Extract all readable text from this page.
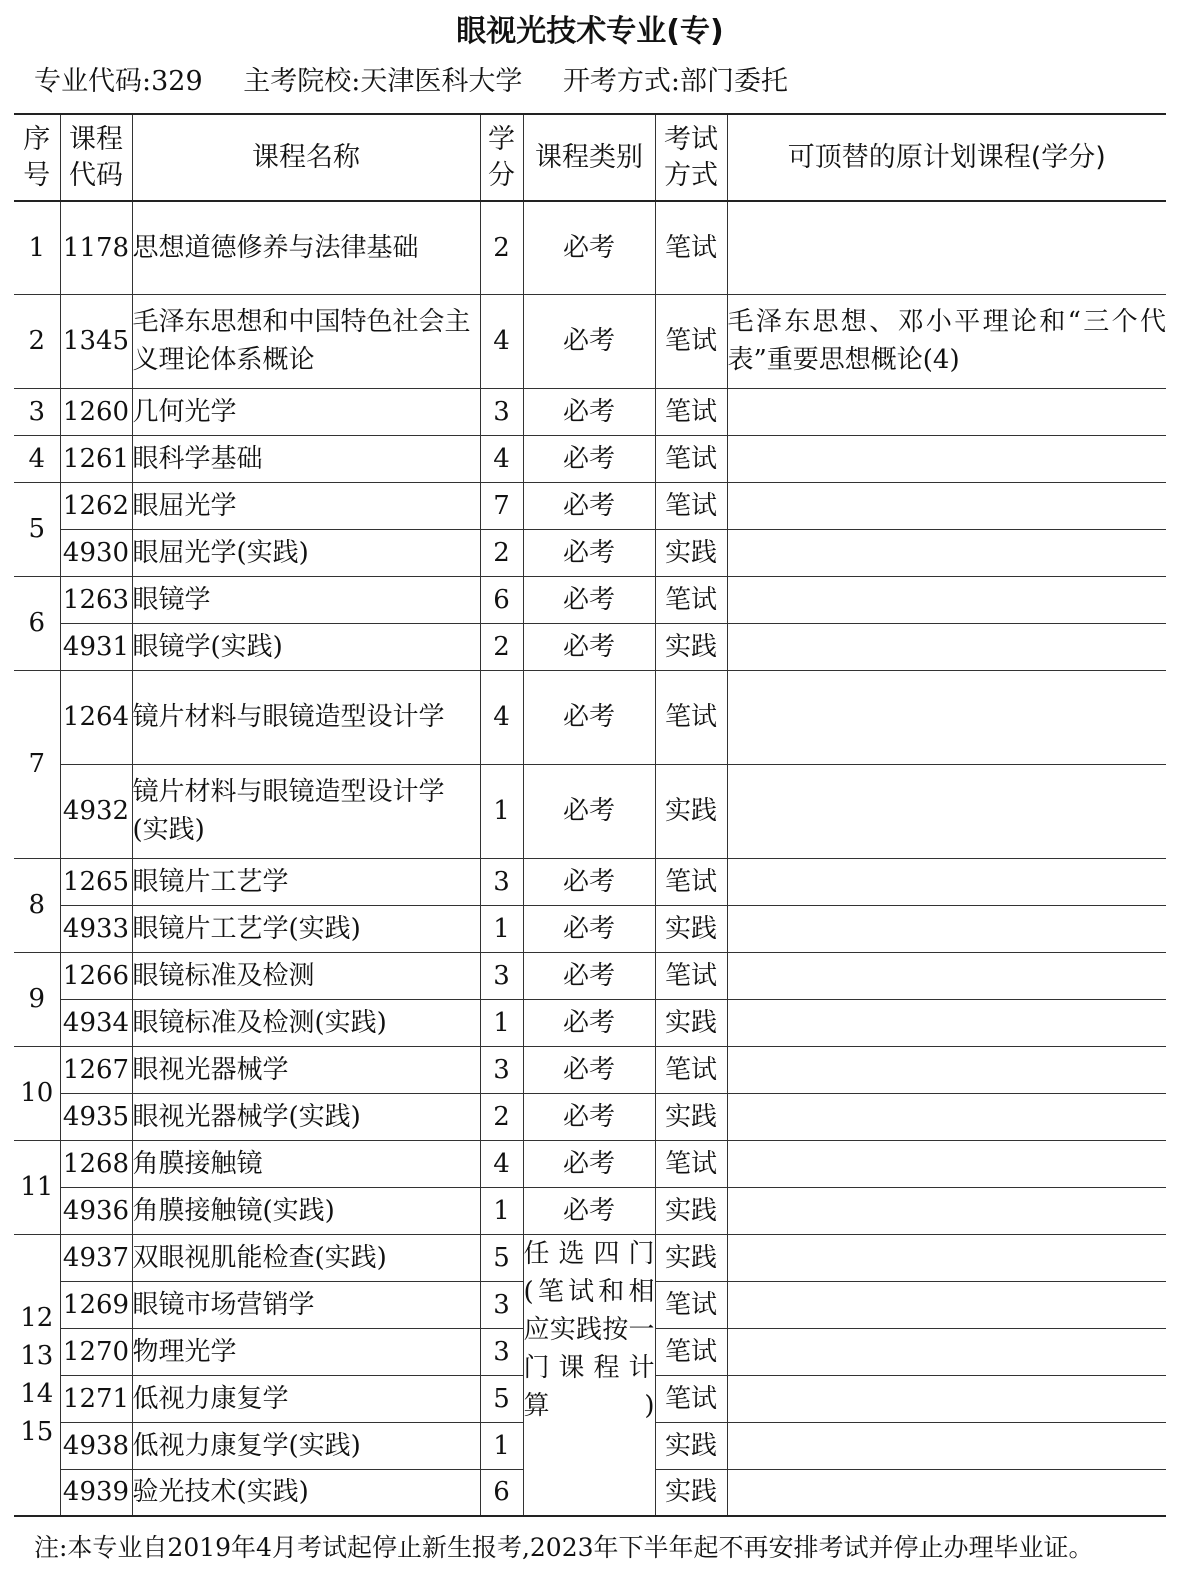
眼视光技术专业(专)
专业代码:329 主考院校:天津医科大学 开考方式:部门委托
序号	课程代码	课程名称	学分	课程类别	考试方式	可顶替的原计划课程(学分)
1	1178	思想道德修养与法律基础	2	必考	笔试	
2	1345	毛泽东思想和中国特色社会主义理论体系概论	4	必考	笔试	毛泽东思想、邓小平理论和“三个代表”重要思想概论(4)
3	1260	几何光学	3	必考	笔试	
4	1261	眼科学基础	4	必考	笔试	
5	1262	眼屈光学	7	必考	笔试	
	4930	眼屈光学(实践)	2	必考	实践	
6	1263	眼镜学	6	必考	笔试	
	4931	眼镜学(实践)	2	必考	实践	
7	1264	镜片材料与眼镜造型设计学	4	必考	笔试	
	4932	镜片材料与眼镜造型设计学(实践)	1	必考	实践	
8	1265	眼镜片工艺学	3	必考	笔试	
	4933	眼镜片工艺学(实践)	1	必考	实践	
9	1266	眼镜标准及检测	3	必考	笔试	
	4934	眼镜标准及检测(实践)	1	必考	实践	
10	1267	眼视光器械学	3	必考	笔试	
	4935	眼视光器械学(实践)	2	必考	实践	
11	1268	角膜接触镜	4	必考	笔试	
	4936	角膜接触镜(实践)	1	必考	实践	
12 13 14 15	4937	双眼视肌能检查(实践)	5	任选四门(笔试和相应实践按一门课程计算)	实践	
	1269	眼镜市场营销学	3		笔试	
	1270	物理光学	3		笔试	
	1271	低视力康复学	5		笔试	
	4938	低视力康复学(实践)	1		实践	
	4939	验光技术(实践)	6		实践	
注:本专业自2019年4月考试起停止新生报考,2023年下半年起不再安排考试并停止办理毕业证。
